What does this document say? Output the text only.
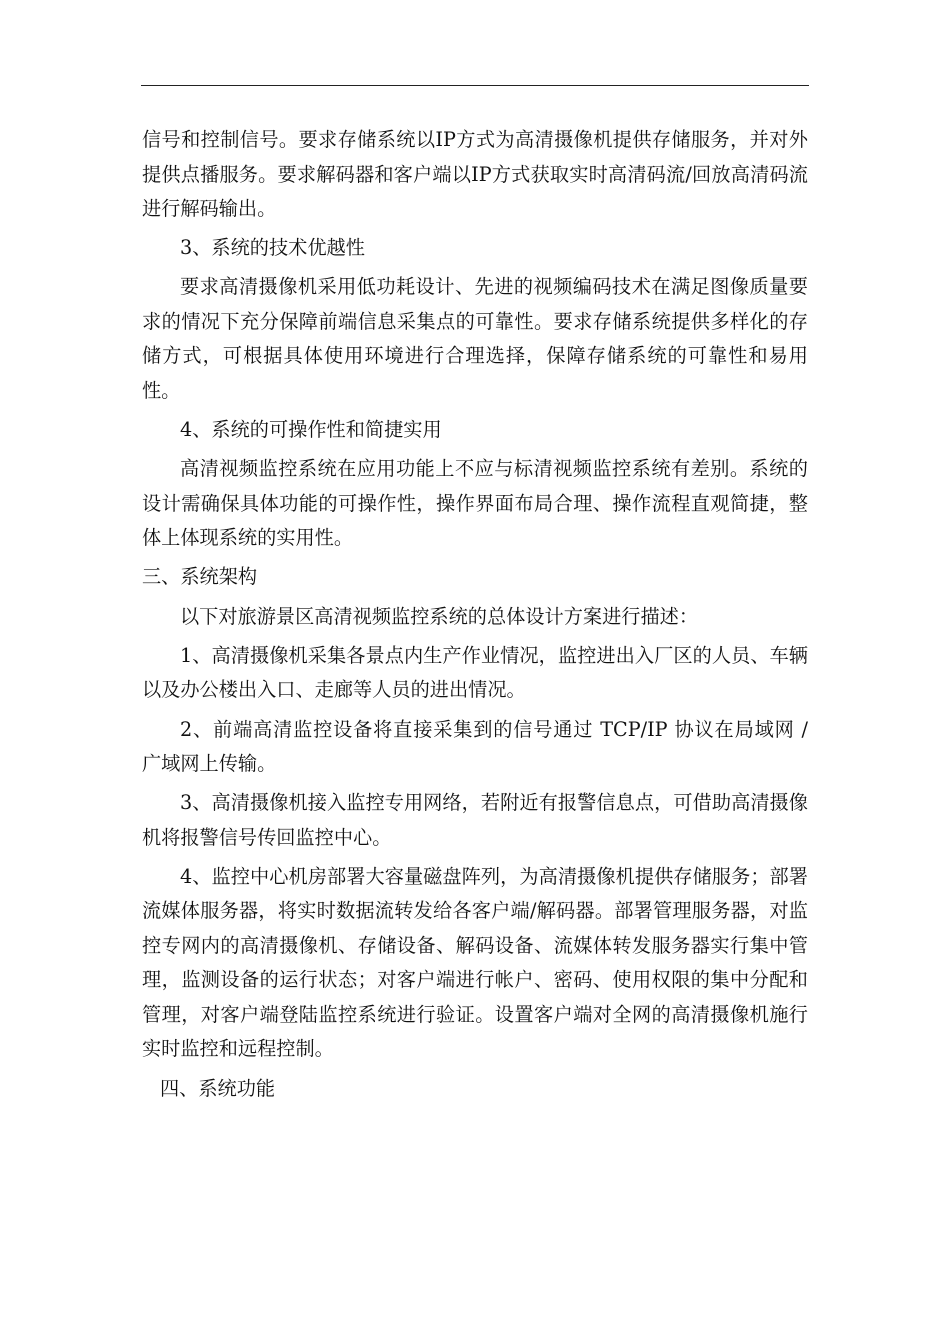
信号和控制信号。要求存储系统以IP方式为高清摄像机提供存储服务，并对外提供点播服务。要求解码器和客户端以IP方式获取实时高清码流/回放高清码流进行解码输出。

3、系统的技术优越性

要求高清摄像机采用低功耗设计、先进的视频编码技术在满足图像质量要求的情况下充分保障前端信息采集点的可靠性。要求存储系统提供多样化的存储方式，可根据具体使用环境进行合理选择，保障存储系统的可靠性和易用性。

4、系统的可操作性和简捷实用

高清视频监控系统在应用功能上不应与标清视频监控系统有差别。系统的设计需确保具体功能的可操作性，操作界面布局合理、操作流程直观简捷，整体上体现系统的实用性。

三、系统架构

以下对旅游景区高清视频监控系统的总体设计方案进行描述：

1、高清摄像机采集各景点内生产作业情况，监控进出入厂区的人员、车辆以及办公楼出入口、走廊等人员的进出情况。

2、前端高清监控设备将直接采集到的信号通过 TCP/IP 协议在局域网 / 广域网上传输。

3、高清摄像机接入监控专用网络，若附近有报警信息点，可借助高清摄像机将报警信号传回监控中心。

4、监控中心机房部署大容量磁盘阵列，为高清摄像机提供存储服务；部署流媒体服务器，将实时数据流转发给各客户端/解码器。部署管理服务器，对监控专网内的高清摄像机、存储设备、解码设备、流媒体转发服务器实行集中管理，监测设备的运行状态；对客户端进行帐户、密码、使用权限的集中分配和管理，对客户端登陆监控系统进行验证。设置客户端对全网的高清摄像机施行实时监控和远程控制。

四、系统功能
